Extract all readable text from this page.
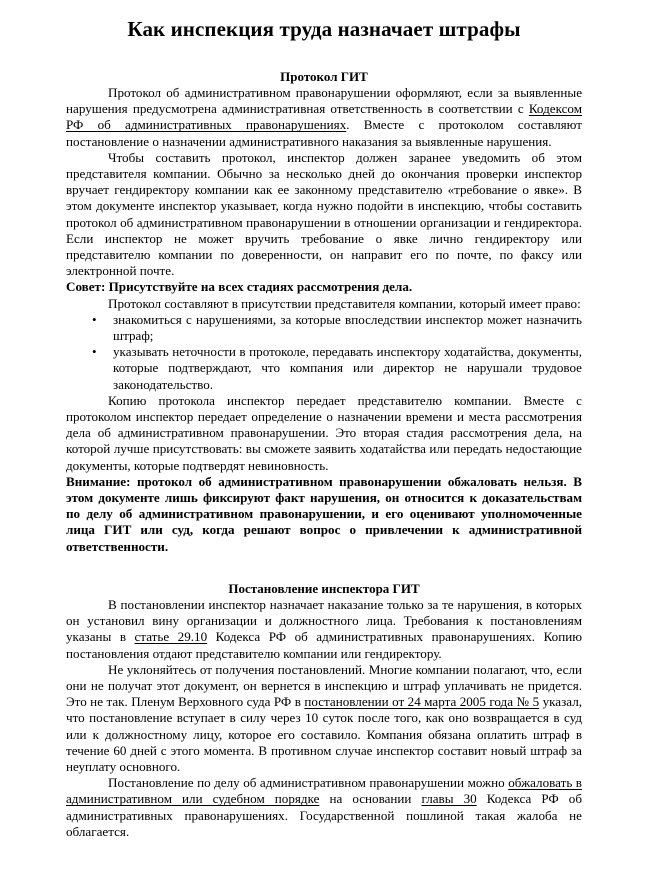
Как инспекция труда назначает штрафы
Протокол ГИТ

Протокол об административном правонарушении оформляют, если за выявленные нарушения предусмотрена административная ответственность в соответствии с Кодексом РФ об административных правонарушениях. Вместе с протоколом составляют постановление о назначении административного наказания за выявленные нарушения.

Чтобы составить протокол, инспектор должен заранее уведомить об этом представителя компании. Обычно за несколько дней до окончания проверки инспектор вручает гендиректору компании как ее законному представителю «требование о явке». В этом документе инспектор указывает, когда нужно подойти в инспекцию, чтобы составить протокол об административном правонарушении в отношении организации и гендиректора. Если инспектор не может вручить требование о явке лично гендиректору или представителю компании по доверенности, он направит его по почте, по факсу или электронной почте.

Совет: Присутствуйте на всех стадиях рассмотрения дела.

Протокол составляют в присутствии представителя компании, который имеет право:

• знакомиться с нарушениями, за которые впоследствии инспектор может назначить штраф;
• указывать неточности в протоколе, передавать инспектору ходатайства, документы, которые подтверждают, что компания или директор не нарушали трудовое законодательство.

Копию протокола инспектор передает представителю компании. Вместе с протоколом инспектор передает определение о назначении времени и места рассмотрения дела об административном правонарушении. Это вторая стадия рассмотрения дела, на которой лучше присутствовать: вы сможете заявить ходатайства или передать недостающие документы, которые подтвердят невиновность.

Внимание: протокол об административном правонарушении обжаловать нельзя. В этом документе лишь фиксируют факт нарушения, он относится к доказательствам по делу об административном правонарушении, и его оценивают уполномоченные лица ГИТ или суд, когда решают вопрос о привлечении к административной ответственности.

Постановление инспектора ГИТ

В постановлении инспектор назначает наказание только за те нарушения, в которых он установил вину организации и должностного лица. Требования к постановлениям указаны в статье 29.10 Кодекса РФ об административных правонарушениях. Копию постановления отдают представителю компании или гендиректору.

Не уклоняйтесь от получения постановлений. Многие компании полагают, что, если они не получат этот документ, он вернется в инспекцию и штраф уплачивать не придется. Это не так. Пленум Верховного суда РФ в постановлении от 24 марта 2005 года № 5 указал, что постановление вступает в силу через 10 суток после того, как оно возвращается в суд или к должностному лицу, которое его составило. Компания обязана оплатить штраф в течение 60 дней с этого момента. В противном случае инспектор составит новый штраф за неуплату основного.

Постановление по делу об административном правонарушении можно обжаловать в административном или судебном порядке на основании главы 30 Кодекса РФ об административных правонарушениях. Государственной пошлиной такая жалоба не облагается.
